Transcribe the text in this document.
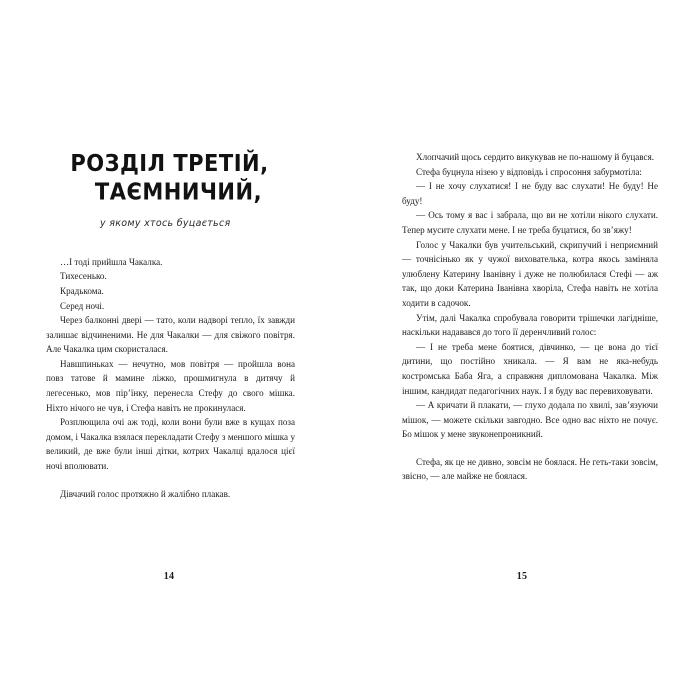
РОЗДІЛ ТРЕТІЙ,
ТАЄМНИЧИЙ,
у якому хтось буцається

…І тоді прийшла Чакалка.

Тихесенько.

Крадькома.

Серед ночі.

Через балконні двері — тато, коли надворі тепло, їх завжди залишає відчиненими. Не для Чакалки — для свіжого повітря. Але Чакалка цим скористалася.

Навшпиньках — нечутно, мов повітря — пройшла вона повз татове й мамине ліжко, прошмигнула в дитячу й легесенько, мов пір’їнку, перенесла Стефу до свого мішка. Ніхто нічого не чув, і Стефа навіть не прокинулася.

Розплющила очі аж тоді, коли вони були вже в кущах поза домом, і Чакалка взялася перекладати Стефу з меншого мішка у великий, де вже були інші дітки, котрих Чакалці вдалося цієї ночі вполювати.

Дівчачий голос протяжно й жалібно плакав.

14

Хлопчачий щось сердито викукував не по-нашому й буцався.

Стефа буцнула нізею у відповідь і спросоння забурмотіла:

— І не хочу слухатися! І не буду вас слухати! Не буду! Не буду!

— Ось тому я вас і забрала, що ви не хотіли нікого слухати. Тепер мусите слухати мене. І не треба буцатися, бо зв’яжу!

Голос у Чакалки був учительський, скрипучий і неприємний — точнісінько як у чужої вихователька, котра якось заміняла улюблену Катерину Іванівну і дуже не полюбилася Стефі — аж так, що доки Катерина Іванівна хворіла, Стефа навіть не хотіла ходити в садочок.

Утім, далі Чакалка спробувала говорити трішечки лагідніше, наскільки надавався до того її деренчливий голос:

— І не треба мене боятися, дівчинко, — це вона до тієї дитини, що постійно хникала. — Я вам не яка-небудь костромська Баба Яга, а справжня дипломована Чакалка. Між іншим, кандидат педагогічних наук. І я буду вас перевиховувати.

— А кричати й плакати, — глухо додала по хвилі, зав’язуючи мішок, — можете скільки завгодно. Все одно вас ніхто не почує. Бо мішок у мене звуконепроникний.

Стефа, як це не дивно, зовсім не боялася. Не геть-таки зовсім, звісно, — але майже не боялася.

15
